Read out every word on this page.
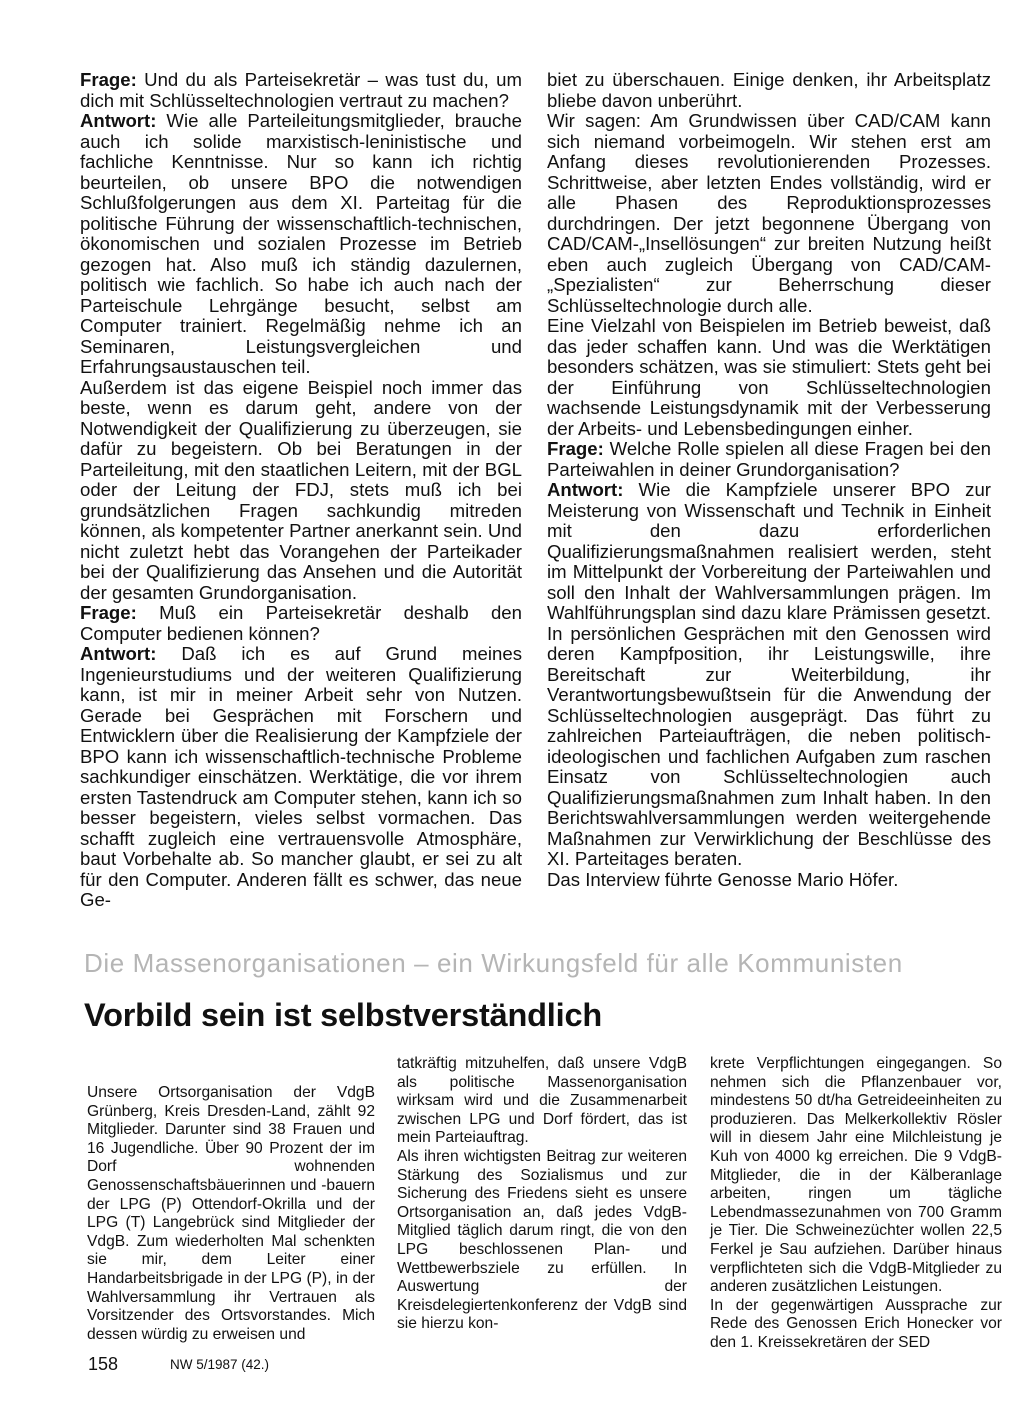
Frage: Und du als Parteisekretär – was tust du, um dich mit Schlüsseltechnologien vertraut zu machen?

Antwort: Wie alle Parteileitungsmitglieder, brauche auch ich solide marxistisch-leninistische und fachliche Kenntnisse. Nur so kann ich richtig beurteilen, ob unsere BPO die notwendigen Schlußfolgerungen aus dem XI. Parteitag für die politische Führung der wissenschaftlich-technischen, ökonomischen und sozialen Prozesse im Betrieb gezogen hat. Also muß ich ständig dazulernen, politisch wie fachlich. So habe ich auch nach der Parteischule Lehrgänge besucht, selbst am Computer trainiert. Regelmäßig nehme ich an Seminaren, Leistungsvergleichen und Erfahrungsaustauschen teil.

Außerdem ist das eigene Beispiel noch immer das beste, wenn es darum geht, andere von der Notwendigkeit der Qualifizierung zu überzeugen, sie dafür zu begeistern. Ob bei Beratungen in der Parteileitung, mit den staatlichen Leitern, mit der BGL oder der Leitung der FDJ, stets muß ich bei grundsätzlichen Fragen sachkundig mitreden können, als kompetenter Partner anerkannt sein. Und nicht zuletzt hebt das Vorangehen der Parteikader bei der Qualifizierung das Ansehen und die Autorität der gesamten Grundorganisation.

Frage: Muß ein Parteisekretär deshalb den Computer bedienen können?

Antwort: Daß ich es auf Grund meines Ingenieurstudiums und der weiteren Qualifizierung kann, ist mir in meiner Arbeit sehr von Nutzen. Gerade bei Gesprächen mit Forschern und Entwicklern über die Realisierung der Kampfziele der BPO kann ich wissenschaftlich-technische Probleme sachkundiger einschätzen. Werktätige, die vor ihrem ersten Tastendruck am Computer stehen, kann ich so besser begeistern, vieles selbst vormachen. Das schafft zugleich eine vertrauensvolle Atmosphäre, baut Vorbehalte ab. So mancher glaubt, er sei zu alt für den Computer. Anderen fällt es schwer, das neue Ge-

biet zu überschauen. Einige denken, ihr Arbeitsplatz bliebe davon unberührt.

Wir sagen: Am Grundwissen über CAD/CAM kann sich niemand vorbeimogeln. Wir stehen erst am Anfang dieses revolutionierenden Prozesses. Schrittweise, aber letzten Endes vollständig, wird er alle Phasen des Reproduktionsprozesses durchdringen. Der jetzt begonnene Übergang von CAD/CAM-„Insellösungen“ zur breiten Nutzung heißt eben auch zugleich Übergang von CAD/CAM-„Spezialisten“ zur Beherrschung dieser Schlüsseltechnologie durch alle.

Eine Vielzahl von Beispielen im Betrieb beweist, daß das jeder schaffen kann. Und was die Werktätigen besonders schätzen, was sie stimuliert: Stets geht bei der Einführung von Schlüsseltechnologien wachsende Leistungsdynamik mit der Verbesserung der Arbeits- und Lebensbedingungen einher.

Frage: Welche Rolle spielen all diese Fragen bei den Parteiwahlen in deiner Grundorganisation?

Antwort: Wie die Kampfziele unserer BPO zur Meisterung von Wissenschaft und Technik in Einheit mit den dazu erforderlichen Qualifizierungsmaßnahmen realisiert werden, steht im Mittelpunkt der Vorbereitung der Parteiwahlen und soll den Inhalt der Wahlversammlungen prägen. Im Wahlführungsplan sind dazu klare Prämissen gesetzt. In persönlichen Gesprächen mit den Genossen wird deren Kampfposition, ihr Leistungswille, ihre Bereitschaft zur Weiterbildung, ihr Verantwortungsbewußtsein für die Anwendung der Schlüsseltechnologien ausgeprägt. Das führt zu zahlreichen Parteiaufträgen, die neben politisch-ideologischen und fachlichen Aufgaben zum raschen Einsatz von Schlüsseltechnologien auch Qualifizierungsmaßnahmen zum Inhalt haben. In den Berichtswahlversammlungen werden weitergehende Maßnahmen zur Verwirklichung der Beschlüsse des XI. Parteitages beraten.

Das Interview führte Genosse Mario Höfer.

Die Massenorganisationen – ein Wirkungsfeld für alle Kommunisten
Vorbild sein ist selbstverständlich

Unsere Ortsorganisation der VdgB Grünberg, Kreis Dresden-Land, zählt 92 Mitglieder. Darunter sind 38 Frauen und 16 Jugendliche. Über 90 Prozent der im Dorf wohnenden Genossenschaftsbäuerinnen und -bauern der LPG (P) Ottendorf-Okrilla und der LPG (T) Langebrück sind Mitglieder der VdgB. Zum wiederholten Mal schenkten sie mir, dem Leiter einer Handarbeitsbrigade in der LPG (P), in der Wahlversammlung ihr Vertrauen als Vorsitzender des Ortsvorstandes. Mich dessen würdig zu erweisen und

tatkräftig mitzuhelfen, daß unsere VdgB als politische Massenorganisation wirksam wird und die Zusammenarbeit zwischen LPG und Dorf fördert, das ist mein Parteiauftrag.

Als ihren wichtigsten Beitrag zur weiteren Stärkung des Sozialismus und zur Sicherung des Friedens sieht es unsere Ortsorganisation an, daß jedes VdgB-Mitglied täglich darum ringt, die von den LPG beschlossenen Plan- und Wettbewerbsziele zu erfüllen. In Auswertung der Kreisdelegiertenkonferenz der VdgB sind sie hierzu kon-

krete Verpflichtungen eingegangen. So nehmen sich die Pflanzenbauer vor, mindestens 50 dt/ha Getreideeinheiten zu produzieren. Das Melkerkollektiv Rösler will in diesem Jahr eine Milchleistung je Kuh von 4000 kg erreichen. Die 9 VdgB-Mitglieder, die in der Kälberanlage arbeiten, ringen um tägliche Lebendmassezunahmen von 700 Gramm je Tier. Die Schweinezüchter wollen 22,5 Ferkel je Sau aufziehen. Darüber hinaus verpflichteten sich die VdgB-Mitglieder zu anderen zusätzlichen Leistungen.

In der gegenwärtigen Aussprache zur Rede des Genossen Erich Honecker vor den 1. Kreissekretären der SED

158	NW 5/1987 (42.)
